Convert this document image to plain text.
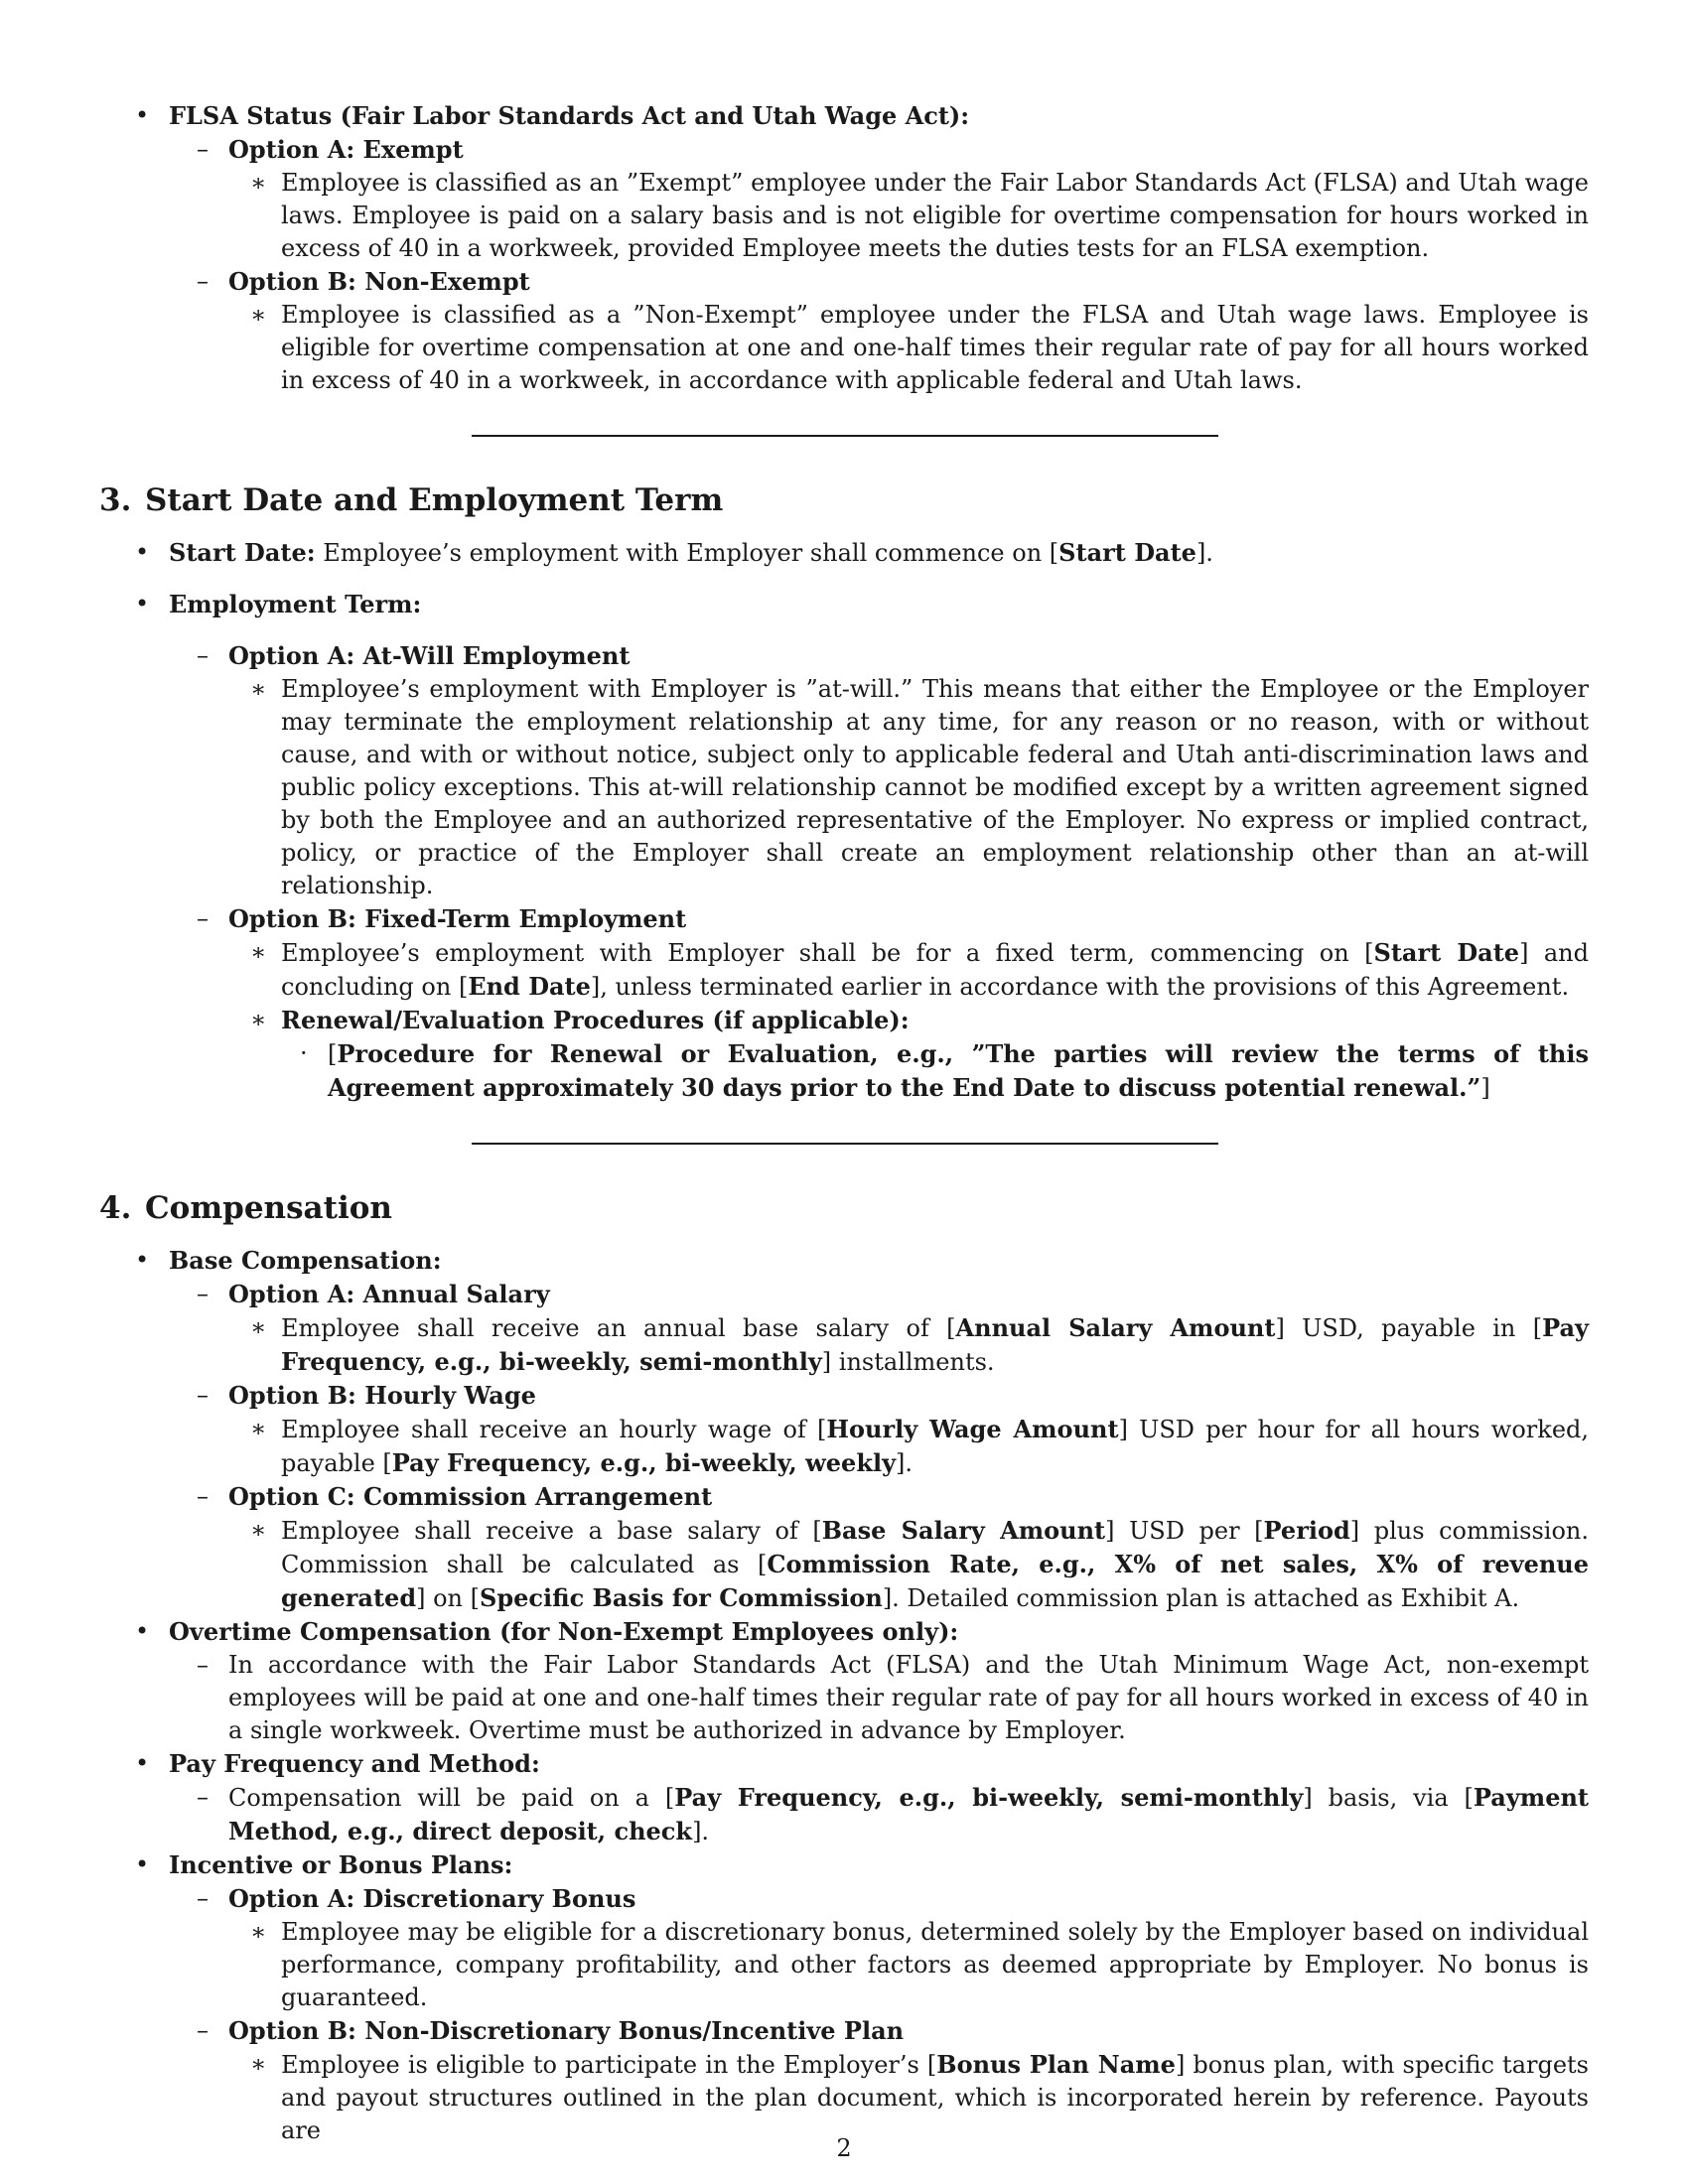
• FLSA Status (Fair Labor Standards Act and Utah Wage Act):
– Option A: Exempt
∗ Employee is classified as an ”Exempt” employee under the Fair Labor Standards Act (FLSA) and Utah wage laws. Employee is paid on a salary basis and is not eligible for overtime compensation for hours worked in excess of 40 in a workweek, provided Employee meets the duties tests for an FLSA exemption.
– Option B: Non-Exempt
∗ Employee is classified as a ”Non-Exempt” employee under the FLSA and Utah wage laws. Employee is eligible for overtime compensation at one and one-half times their regular rate of pay for all hours worked in excess of 40 in a workweek, in accordance with applicable federal and Utah laws.
3. Start Date and Employment Term
• Start Date: Employee’s employment with Employer shall commence on [Start Date].
• Employment Term:
– Option A: At-Will Employment
∗ Employee’s employment with Employer is ”at-will.” This means that either the Employee or the Employer may terminate the employment relationship at any time, for any reason or no reason, with or without cause, and with or without notice, subject only to applicable federal and Utah anti-discrimination laws and public policy exceptions. This at-will relationship cannot be modified except by a written agreement signed by both the Employee and an authorized representative of the Employer. No express or implied contract, policy, or practice of the Employer shall create an employment relationship other than an at-will relationship.
– Option B: Fixed-Term Employment
∗ Employee’s employment with Employer shall be for a fixed term, commencing on [Start Date] and concluding on [End Date], unless terminated earlier in accordance with the provisions of this Agreement.
∗ Renewal/Evaluation Procedures (if applicable):
· [Procedure for Renewal or Evaluation, e.g., ”The parties will review the terms of this Agreement approximately 30 days prior to the End Date to discuss potential renewal.”]
4. Compensation
• Base Compensation:
– Option A: Annual Salary
∗ Employee shall receive an annual base salary of [Annual Salary Amount] USD, payable in [Pay Frequency, e.g., bi-weekly, semi-monthly] installments.
– Option B: Hourly Wage
∗ Employee shall receive an hourly wage of [Hourly Wage Amount] USD per hour for all hours worked, payable [Pay Frequency, e.g., bi-weekly, weekly].
– Option C: Commission Arrangement
∗ Employee shall receive a base salary of [Base Salary Amount] USD per [Period] plus commission. Commission shall be calculated as [Commission Rate, e.g., X% of net sales, X% of revenue generated] on [Specific Basis for Commission]. Detailed commission plan is attached as Exhibit A.
• Overtime Compensation (for Non-Exempt Employees only):
– In accordance with the Fair Labor Standards Act (FLSA) and the Utah Minimum Wage Act, non-exempt employees will be paid at one and one-half times their regular rate of pay for all hours worked in excess of 40 in a single workweek. Overtime must be authorized in advance by Employer.
• Pay Frequency and Method:
– Compensation will be paid on a [Pay Frequency, e.g., bi-weekly, semi-monthly] basis, via [Payment Method, e.g., direct deposit, check].
• Incentive or Bonus Plans:
– Option A: Discretionary Bonus
∗ Employee may be eligible for a discretionary bonus, determined solely by the Employer based on individual performance, company profitability, and other factors as deemed appropriate by Employer. No bonus is guaranteed.
– Option B: Non-Discretionary Bonus/Incentive Plan
∗ Employee is eligible to participate in the Employer’s [Bonus Plan Name] bonus plan, with specific targets and payout structures outlined in the plan document, which is incorporated herein by reference. Payouts are
2
